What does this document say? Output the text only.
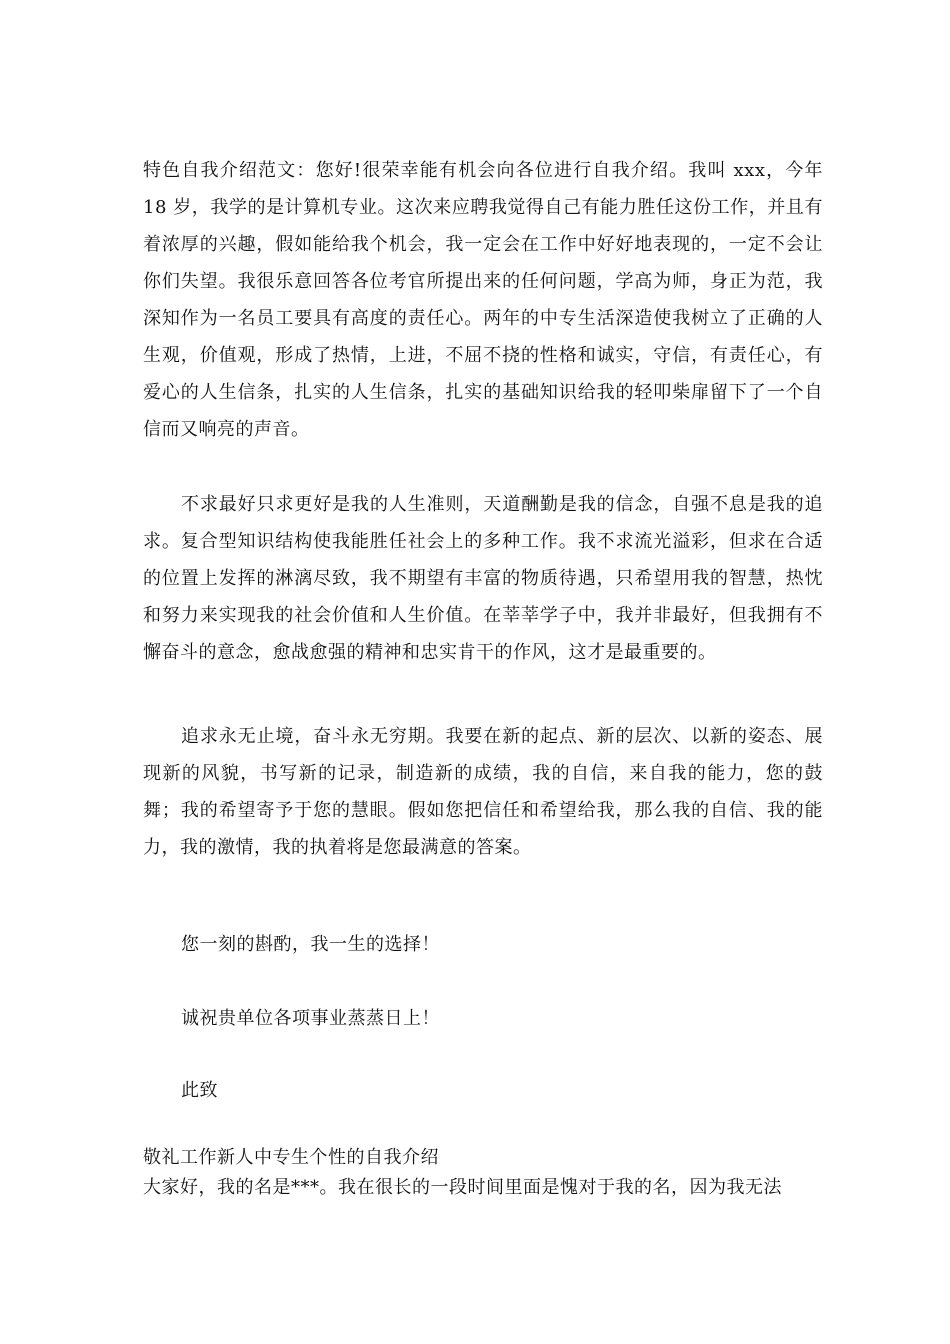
特色自我介绍范文：您好!很荣幸能有机会向各位进行自我介绍。我叫 xxx，今年 18 岁，我学的是计算机专业。这次来应聘我觉得自己有能力胜任这份工作，并且有着浓厚的兴趣，假如能给我个机会，我一定会在工作中好好地表现的，一定不会让你们失望。我很乐意回答各位考官所提出来的任何问题，学高为师，身正为范，我深知作为一名员工要具有高度的责任心。两年的中专生活深造使我树立了正确的人生观，价值观，形成了热情，上进，不屈不挠的性格和诚实，守信，有责任心，有爱心的人生信条，扎实的人生信条，扎实的基础知识给我的轻叩柴扉留下了一个自信而又响亮的声音。

不求最好只求更好是我的人生准则，天道酬勤是我的信念，自强不息是我的追求。复合型知识结构使我能胜任社会上的多种工作。我不求流光溢彩，但求在合适的位置上发挥的淋漓尽致，我不期望有丰富的物质待遇，只希望用我的智慧，热忱和努力来实现我的社会价值和人生价值。在莘莘学子中，我并非最好，但我拥有不懈奋斗的意念，愈战愈强的精神和忠实肯干的作风，这才是最重要的。

追求永无止境，奋斗永无穷期。我要在新的起点、新的层次、以新的姿态、展现新的风貌，书写新的记录，制造新的成绩，我的自信，来自我的能力，您的鼓舞；我的希望寄予于您的慧眼。假如您把信任和希望给我，那么我的自信、我的能力，我的激情，我的执着将是您最满意的答案。

您一刻的斟酌，我一生的选择！

诚祝贵单位各项事业蒸蒸日上！

此致

敬礼工作新人中专生个性的自我介绍

大家好，我的名是***。我在很长的一段时间里面是愧对于我的名，因为我无法
